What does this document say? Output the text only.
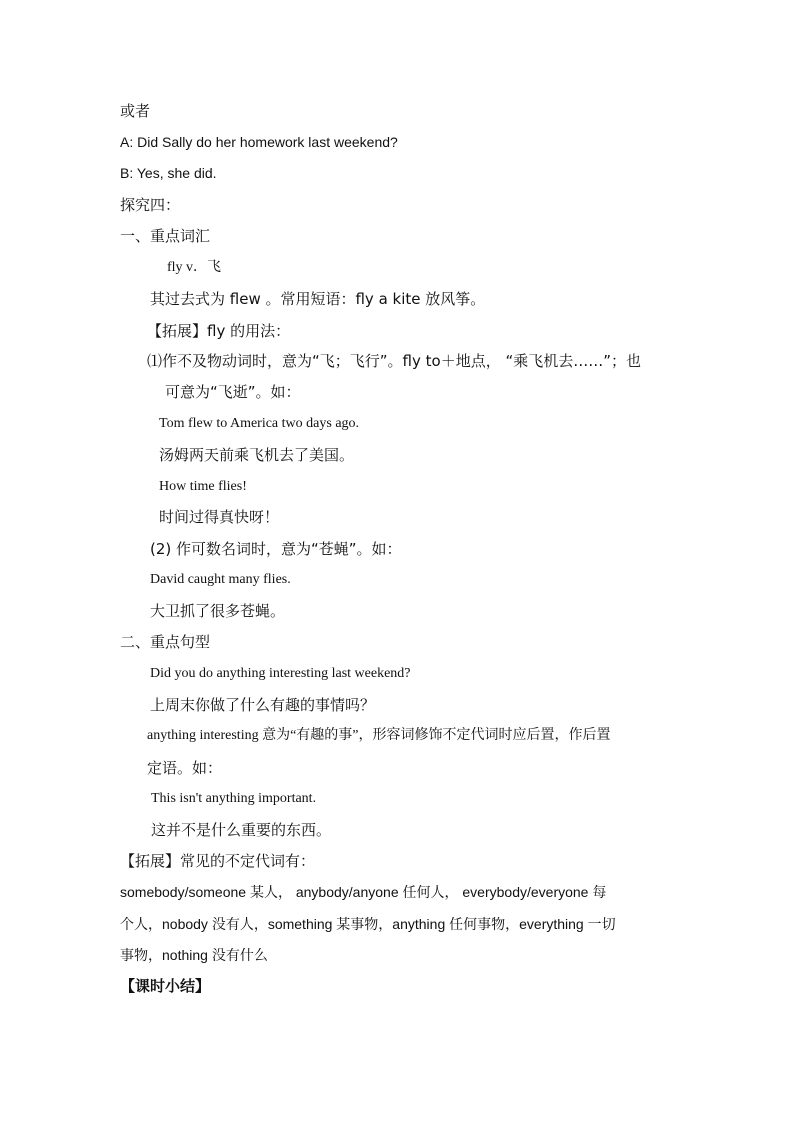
或者
A: Did Sally do her homework last weekend?
B: Yes, she did.
探究四：
一、重点词汇
fly v．飞
其过去式为 flew 。常用短语：fly a kite 放风筝。
【拓展】fly 的用法：
⑴作不及物动词时，意为“飞；飞行”。fly to＋地点， “乘飞机去……”；也
可意为“飞逝”。如：
Tom flew to America two days ago.
汤姆两天前乘飞机去了美国。
How time flies!
时间过得真快呀！
(2) 作可数名词时，意为“苍蝇”。如：
David caught many flies.
大卫抓了很多苍蝇。
二、重点句型
Did you do anything interesting last weekend?
上周末你做了什么有趣的事情吗？
anything interesting 意为“有趣的事”，形容词修饰不定代词时应后置，作后置
定语。如：
This isn't anything important.
这并不是什么重要的东西。
【拓展】常见的不定代词有：
somebody/someone 某人， anybody/anyone 任何人， everybody/everyone 每
个人，nobody 没有人，something 某事物，anything 任何事物，everything 一切
事物，nothing 没有什么
【课时小结】
